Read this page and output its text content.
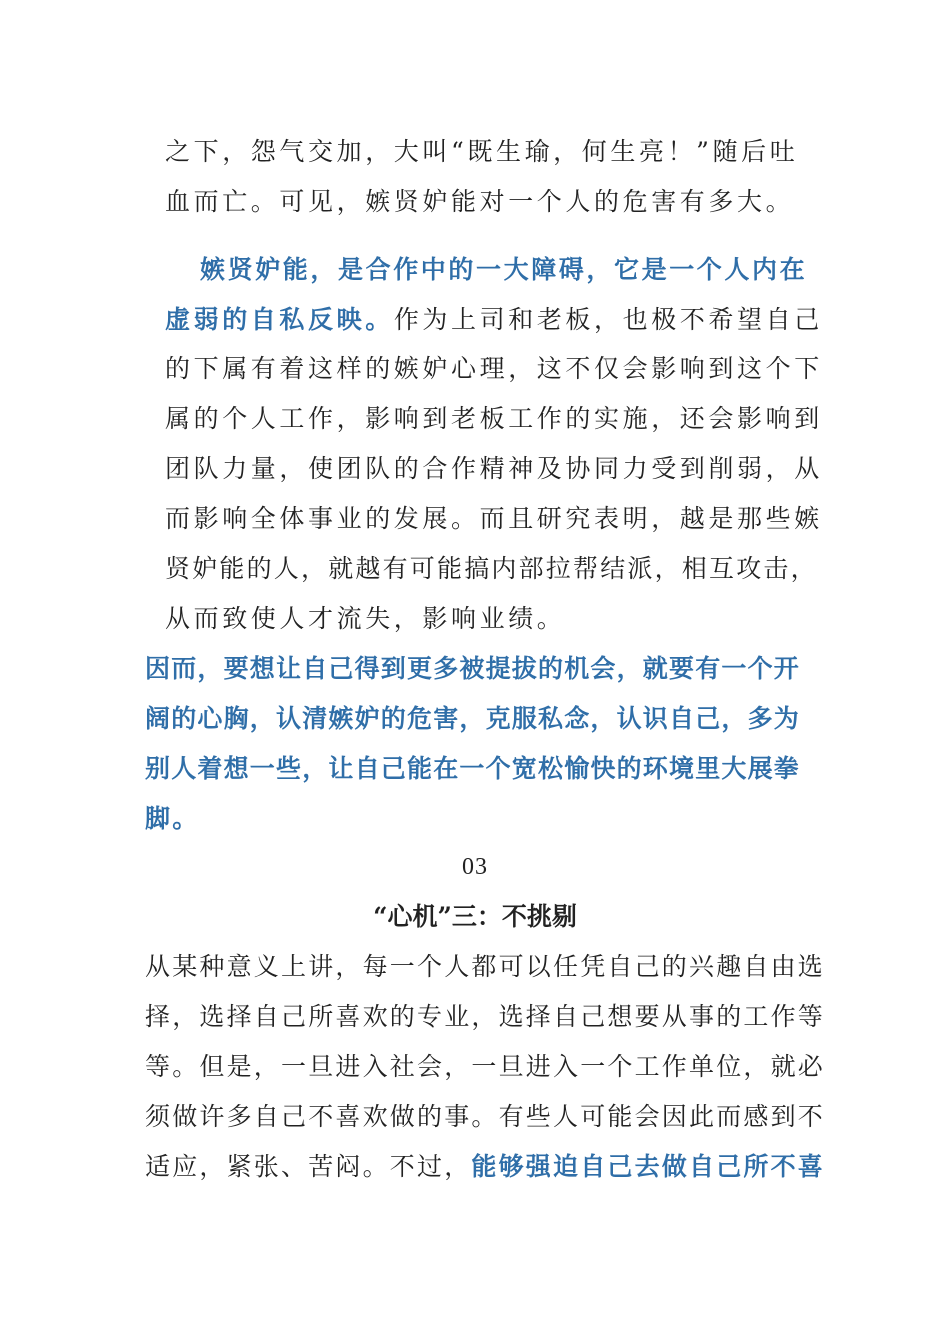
之下，怨气交加，大叫“既生瑜，何生亮！”随后吐
血而亡。可见，嫉贤妒能对一个人的危害有多大。
嫉贤妒能，是合作中的一大障碍，它是一个人内在
虚弱的自私反映。作为上司和老板，也极不希望自己
的下属有着这样的嫉妒心理，这不仅会影响到这个下
属的个人工作，影响到老板工作的实施，还会影响到
团队力量，使团队的合作精神及协同力受到削弱，从
而影响全体事业的发展。而且研究表明，越是那些嫉
贤妒能的人，就越有可能搞内部拉帮结派，相互攻击，
从而致使人才流失，影响业绩。
因而，要想让自己得到更多被提拔的机会，就要有一个开
阔的心胸，认清嫉妒的危害，克服私念，认识自己，多为
别人着想一些，让自己能在一个宽松愉快的环境里大展拳
脚。
03
“心机”三：不挑剔
从某种意义上讲，每一个人都可以任凭自己的兴趣自由选
择，选择自己所喜欢的专业，选择自己想要从事的工作等
等。但是，一旦进入社会，一旦进入一个工作单位，就必
须做许多自己不喜欢做的事。有些人可能会因此而感到不
适应，紧张、苦闷。不过，能够强迫自己去做自己所不喜
